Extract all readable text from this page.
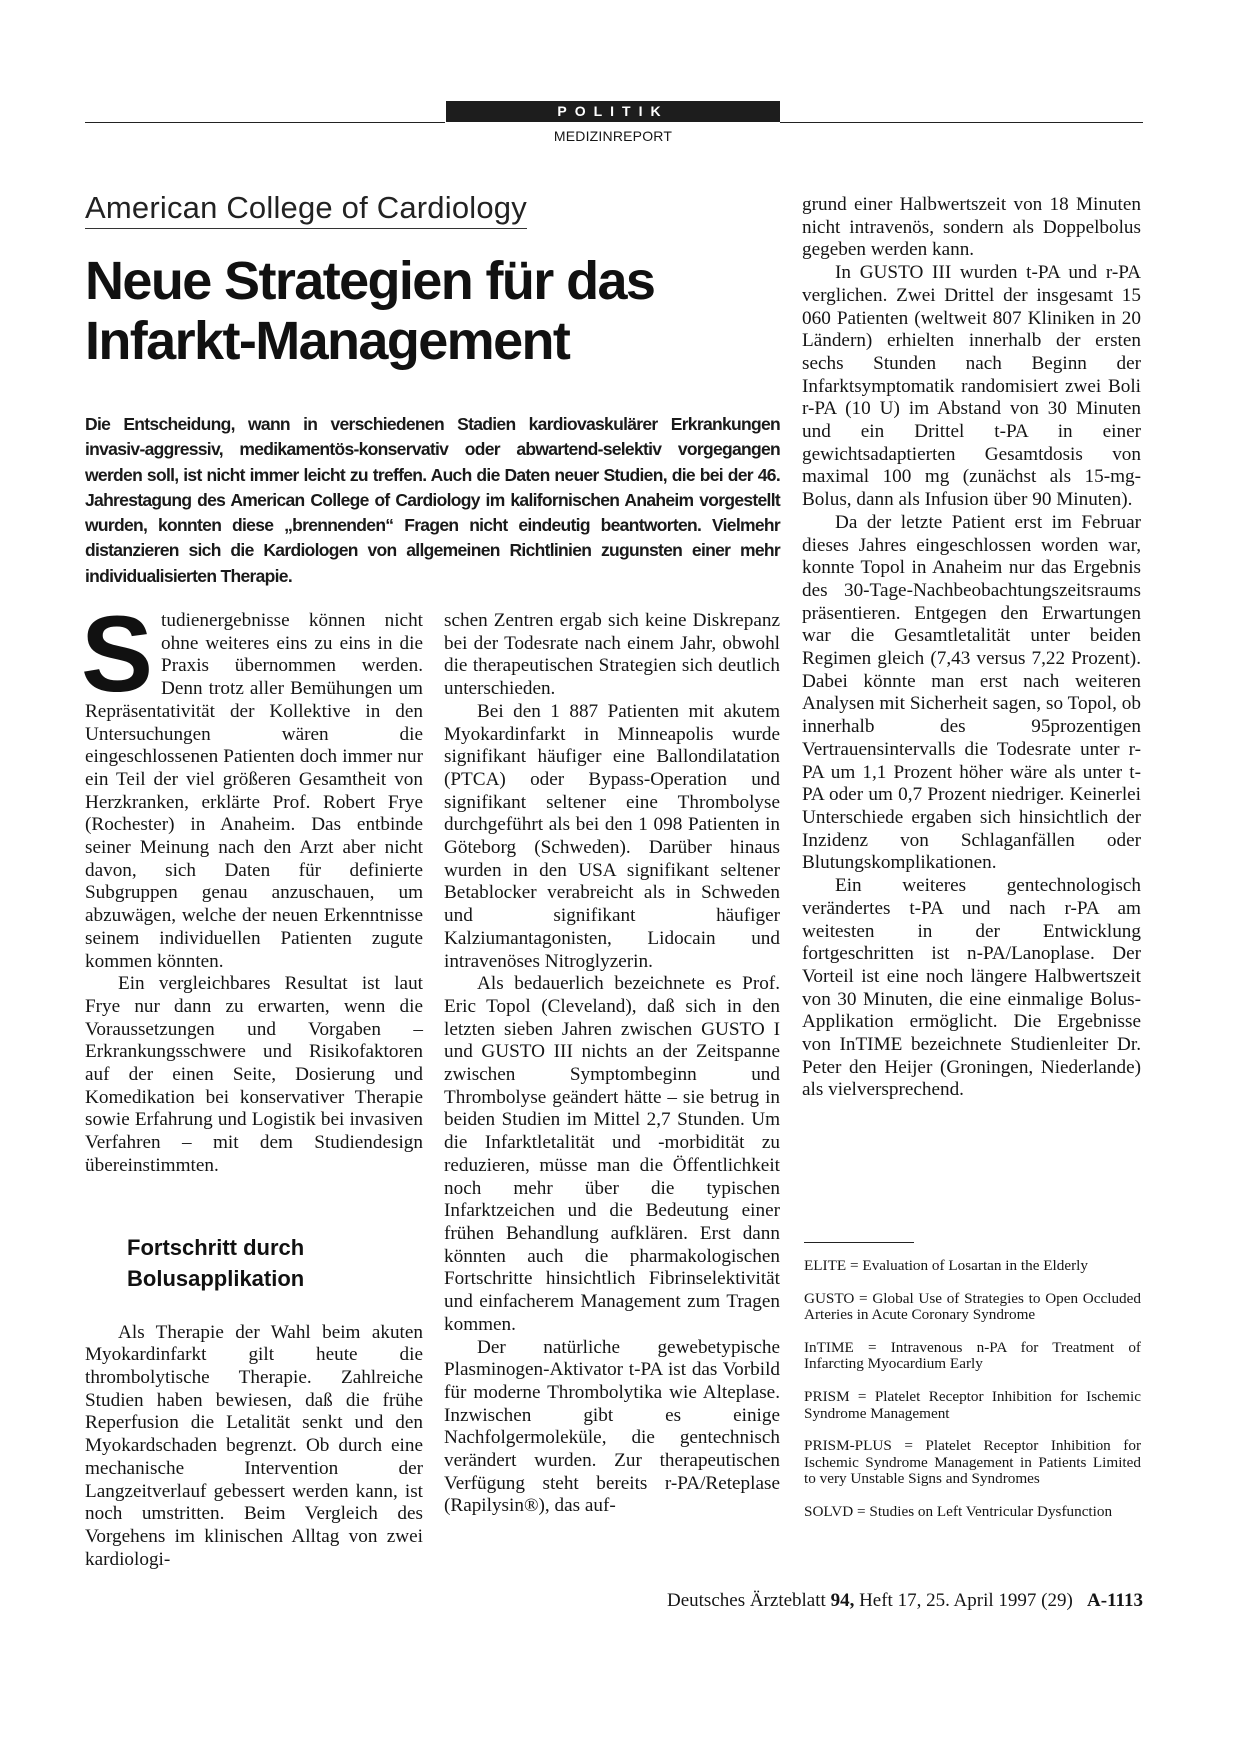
POLITIK
MEDIZINREPORT
American College of Cardiology
Neue Strategien für das
Infarkt-Management

Die Entscheidung, wann in verschiedenen Stadien kardiovaskulärer Erkrankungen invasiv-aggressiv, medikamentös-konservativ oder abwartend-selektiv vorgegangen werden soll, ist nicht immer leicht zu treffen. Auch die Daten neuer Studien, die bei der 46. Jahrestagung des American College of Cardiology im kalifornischen Anaheim vorgestellt wurden, konnten diese „brennenden“ Fragen nicht eindeutig beantworten. Vielmehr distanzieren sich die Kardiologen von allgemeinen Richtlinien zugunsten einer mehr individualisierten Therapie.

S tudienergebnisse können nicht ohne weiteres eins zu eins in die Praxis übernommen werden. Denn trotz aller Bemühungen um Repräsentativität der Kollektive in den Untersuchungen wären die eingeschlossenen Patienten doch immer nur ein Teil der viel größeren Gesamtheit von Herzkranken, erklärte Prof. Robert Frye (Rochester) in Anaheim. Das entbinde seiner Meinung nach den Arzt aber nicht davon, sich Daten für definierte Subgruppen genau anzuschauen, um abzuwägen, welche der neuen Erkenntnisse seinem individuellen Patienten zugute kommen könnten.

Ein vergleichbares Resultat ist laut Frye nur dann zu erwarten, wenn die Voraussetzungen und Vorgaben – Erkrankungsschwere und Risikofaktoren auf der einen Seite, Dosierung und Komedikation bei konservativer Therapie sowie Erfahrung und Logistik bei invasiven Verfahren – mit dem Studiendesign übereinstimmten.

Fortschritt durch
Bolusapplikation

Als Therapie der Wahl beim akuten Myokardinfarkt gilt heute die thrombolytische Therapie. Zahlreiche Studien haben bewiesen, daß die frühe Reperfusion die Letalität senkt und den Myokardschaden begrenzt. Ob durch eine mechanische Intervention der Langzeitverlauf gebessert werden kann, ist noch umstritten. Beim Vergleich des Vorgehens im klinischen Alltag von zwei kardiologi-

schen Zentren ergab sich keine Diskrepanz bei der Todesrate nach einem Jahr, obwohl die therapeutischen Strategien sich deutlich unterschieden.

Bei den 1 887 Patienten mit akutem Myokardinfarkt in Minneapolis wurde signifikant häufiger eine Ballondilatation (PTCA) oder Bypass-Operation und signifikant seltener eine Thrombolyse durchgeführt als bei den 1 098 Patienten in Göteborg (Schweden). Darüber hinaus wurden in den USA signifikant seltener Betablocker verabreicht als in Schweden und signifikant häufiger Kalziumantagonisten, Lidocain und intravenöses Nitroglyzerin.

Als bedauerlich bezeichnete es Prof. Eric Topol (Cleveland), daß sich in den letzten sieben Jahren zwischen GUSTO I und GUSTO III nichts an der Zeitspanne zwischen Symptombeginn und Thrombolyse geändert hätte – sie betrug in beiden Studien im Mittel 2,7 Stunden. Um die Infarktletalität und -morbidität zu reduzieren, müsse man die Öffentlichkeit noch mehr über die typischen Infarktzeichen und die Bedeutung einer frühen Behandlung aufklären. Erst dann könnten auch die pharmakologischen Fortschritte hinsichtlich Fibrinselektivität und einfacherem Management zum Tragen kommen.

Der natürliche gewebetypische Plasminogen-Aktivator t-PA ist das Vorbild für moderne Thrombolytika wie Alteplase. Inzwischen gibt es einige Nachfolgermoleküle, die gentechnisch verändert wurden. Zur therapeutischen Verfügung steht bereits r-PA/Reteplase (Rapilysin®), das auf-

grund einer Halbwertszeit von 18 Minuten nicht intravenös, sondern als Doppelbolus gegeben werden kann.

In GUSTO III wurden t-PA und r-PA verglichen. Zwei Drittel der insgesamt 15 060 Patienten (weltweit 807 Kliniken in 20 Ländern) erhielten innerhalb der ersten sechs Stunden nach Beginn der Infarktsymptomatik randomisiert zwei Boli r-PA (10 U) im Abstand von 30 Minuten und ein Drittel t-PA in einer gewichtsadaptierten Gesamtdosis von maximal 100 mg (zunächst als 15-mg-Bolus, dann als Infusion über 90 Minuten).

Da der letzte Patient erst im Februar dieses Jahres eingeschlossen worden war, konnte Topol in Anaheim nur das Ergebnis des 30-Tage-Nachbeobachtungszeitsraums präsentieren. Entgegen den Erwartungen war die Gesamtletalität unter beiden Regimen gleich (7,43 versus 7,22 Prozent). Dabei könnte man erst nach weiteren Analysen mit Sicherheit sagen, so Topol, ob innerhalb des 95prozentigen Vertrauensintervalls die Todesrate unter r-PA um 1,1 Prozent höher wäre als unter t-PA oder um 0,7 Prozent niedriger. Keinerlei Unterschiede ergaben sich hinsichtlich der Inzidenz von Schlaganfällen oder Blutungskomplikationen.

Ein weiteres gentechnologisch verändertes t-PA und nach r-PA am weitesten in der Entwicklung fortgeschritten ist n-PA/Lanoplase. Der Vorteil ist eine noch längere Halbwertszeit von 30 Minuten, die eine einmalige Bolus-Applikation ermöglicht. Die Ergebnisse von InTIME bezeichnete Studienleiter Dr. Peter den Heijer (Groningen, Niederlande) als vielversprechend.

ELITE = Evaluation of Losartan in the Elderly
GUSTO = Global Use of Strategies to Open Occluded Arteries in Acute Coronary Syndrome
InTIME = Intravenous n-PA for Treatment of Infarcting Myocardium Early
PRISM = Platelet Receptor Inhibition for Ischemic Syndrome Management
PRISM-PLUS = Platelet Receptor Inhibition for Ischemic Syndrome Management in Patients Limited to very Unstable Signs and Syndromes
SOLVD = Studies on Left Ventricular Dysfunction
Deutsches Ärzteblatt 94, Heft 17, 25. April 1997 (29) A-1113
